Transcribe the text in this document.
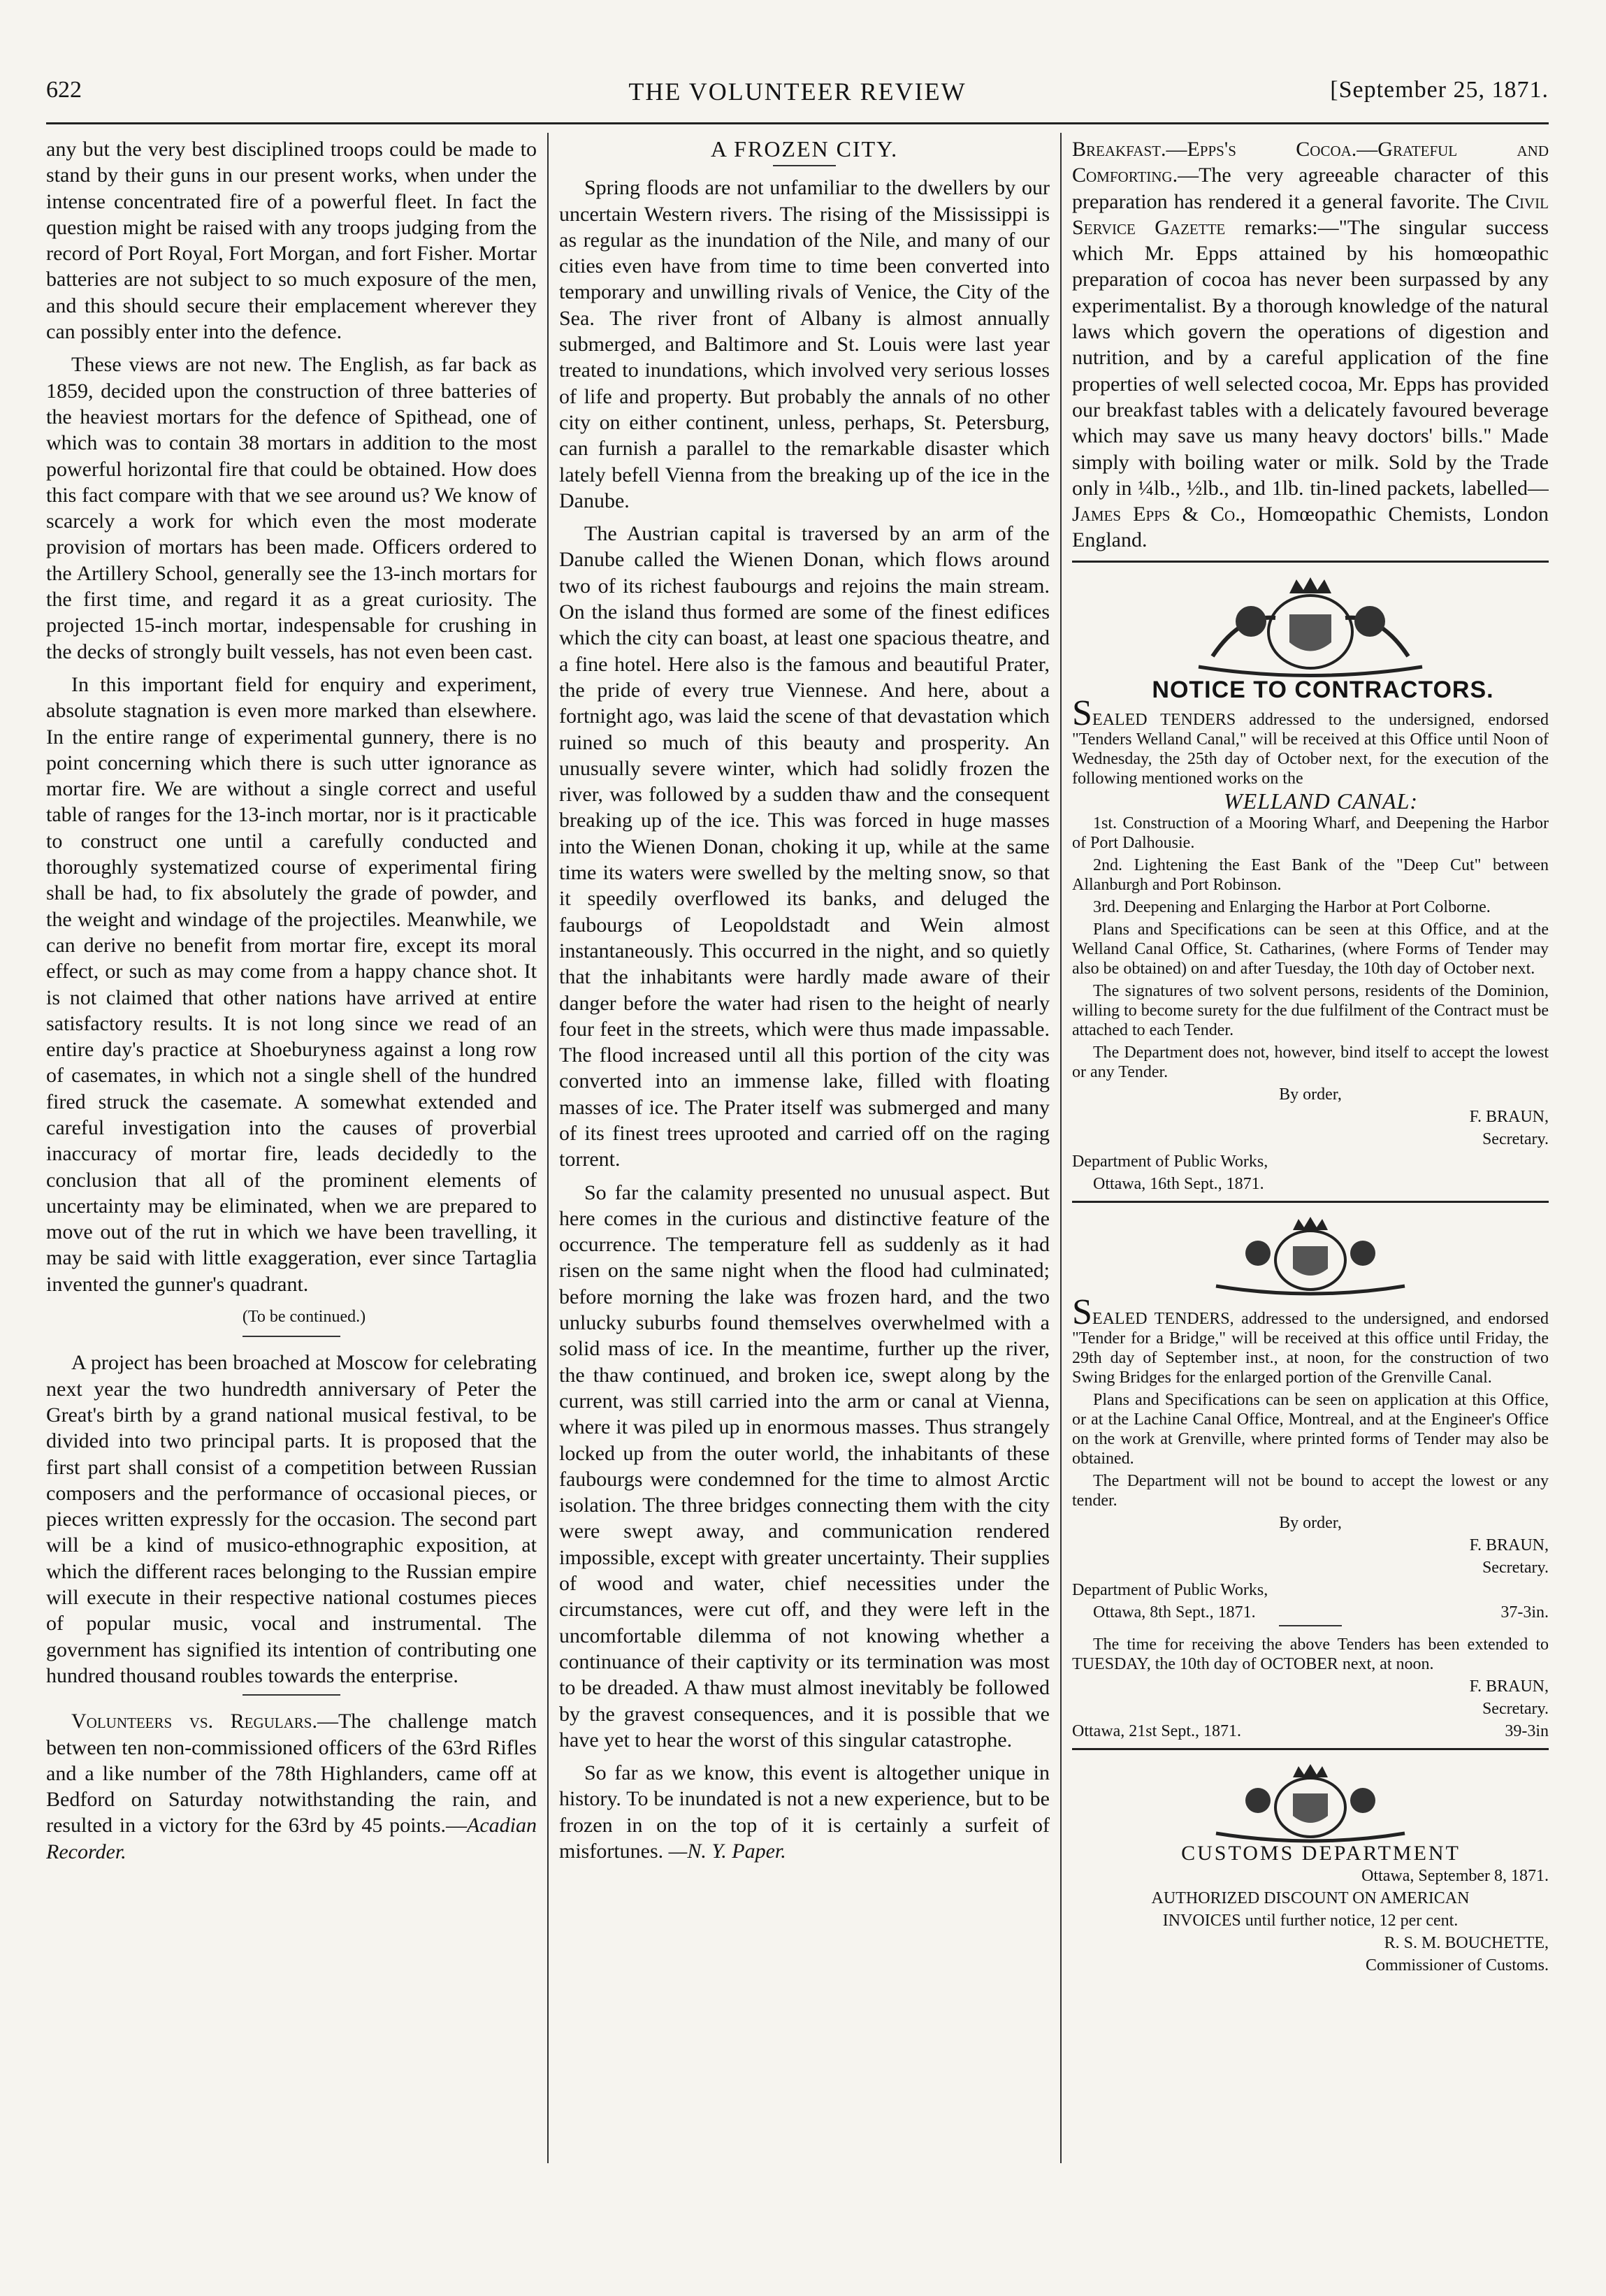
622	THE VOLUNTEER REVIEW	[September 25, 1871.

any but the very best disciplined troops could be made to stand by their guns in our present works, when under the intense concentrated fire of a powerful fleet. In fact the question might be raised with any troops judging from the record of Port Royal, Fort Morgan, and fort Fisher. Mortar batteries are not subject to so much exposure of the men, and this should secure their emplacement wherever they can possibly enter into the defence.

These views are not new. The English, as far back as 1859, decided upon the construction of three batteries of the heaviest mortars for the defence of Spithead, one of which was to contain 38 mortars in addition to the most powerful horizontal fire that could be obtained. How does this fact compare with that we see around us? We know of scarcely a work for which even the most moderate provision of mortars has been made. Officers ordered to the Artillery School, generally see the 13-inch mortars for the first time, and regard it as a great curiosity. The projected 15-inch mortar, indespensable for crushing in the decks of strongly built vessels, has not even been cast.

In this important field for enquiry and experiment, absolute stagnation is even more marked than elsewhere. In the entire range of experimental gunnery, there is no point concerning which there is such utter ignorance as mortar fire. We are without a single correct and useful table of ranges for the 13-inch mortar, nor is it practicable to construct one until a carefully conducted and thoroughly systematized course of experimental firing shall be had, to fix absolutely the grade of powder, and the weight and windage of the projectiles. Meanwhile, we can derive no benefit from mortar fire, except its moral effect, or such as may come from a happy chance shot. It is not claimed that other nations have arrived at entire satisfactory results. It is not long since we read of an entire day's practice at Shoeburyness against a long row of casemates, in which not a single shell of the hundred fired struck the casemate. A somewhat extended and careful investigation into the causes of proverbial inaccuracy of mortar fire, leads decidedly to the conclusion that all of the prominent elements of uncertainty may be eliminated, when we are prepared to move out of the rut in which we have been travelling, it may be said with little exaggeration, ever since Tartaglia invented the gunner's quadrant.

(To be continued.)

A project has been broached at Moscow for celebrating next year the two hundredth anniversary of Peter the Great's birth by a grand national musical festival, to be divided into two principal parts. It is proposed that the first part shall consist of a competition between Russian composers and the performance of occasional pieces, or pieces written expressly for the occasion. The second part will be a kind of musico-ethnographic exposition, at which the different races belonging to the Russian empire will execute in their respective national costumes pieces of popular music, vocal and instrumental. The government has signified its intention of contributing one hundred thousand roubles towards the enterprise.

Volunteers vs. Regulars.—The challenge match between ten non-commissioned officers of the 63rd Rifles and a like number of the 78th Highlanders, came off at Bedford on Saturday notwithstanding the rain, and resulted in a victory for the 63rd by 45 points.—Acadian Recorder.

A FROZEN CITY.

Spring floods are not unfamiliar to the dwellers by our uncertain Western rivers. The rising of the Mississippi is as regular as the inundation of the Nile, and many of our cities even have from time to time been converted into temporary and unwilling rivals of Venice, the City of the Sea. The river front of Albany is almost annually submerged, and Baltimore and St. Louis were last year treated to inundations, which involved very serious losses of life and property. But probably the annals of no other city on either continent, unless, perhaps, St. Petersburg, can furnish a parallel to the remarkable disaster which lately befell Vienna from the breaking up of the ice in the Danube.

The Austrian capital is traversed by an arm of the Danube called the Wienen Donan, which flows around two of its richest faubourgs and rejoins the main stream. On the island thus formed are some of the finest edifices which the city can boast, at least one spacious theatre, and a fine hotel. Here also is the famous and beautiful Prater, the pride of every true Viennese. And here, about a fortnight ago, was laid the scene of that devastation which ruined so much of this beauty and prosperity. An unusually severe winter, which had solidly frozen the river, was followed by a sudden thaw and the consequent breaking up of the ice. This was forced in huge masses into the Wienen Donan, choking it up, while at the same time its waters were swelled by the melting snow, so that it speedily overflowed its banks, and deluged the faubourgs of Leopoldstadt and Wein almost instantaneously. This occurred in the night, and so quietly that the inhabitants were hardly made aware of their danger before the water had risen to the height of nearly four feet in the streets, which were thus made impassable. The flood increased until all this portion of the city was converted into an immense lake, filled with floating masses of ice. The Prater itself was submerged and many of its finest trees uprooted and carried off on the raging torrent.

So far the calamity presented no unusual aspect. But here comes in the curious and distinctive feature of the occurrence. The temperature fell as suddenly as it had risen on the same night when the flood had culminated; before morning the lake was frozen hard, and the two unlucky suburbs found themselves overwhelmed with a solid mass of ice. In the meantime, further up the river, the thaw continued, and broken ice, swept along by the current, was still carried into the arm or canal at Vienna, where it was piled up in enormous masses. Thus strangely locked up from the outer world, the inhabitants of these faubourgs were condemned for the time to almost Arctic isolation. The three bridges connecting them with the city were swept away, and communication rendered impossible, except with greater uncertainty. Their supplies of wood and water, chief necessities under the circumstances, were cut off, and they were left in the uncomfortable dilemma of not knowing whether a continuance of their captivity or its termination was most to be dreaded. A thaw must almost inevitably be followed by the gravest consequences, and it is possible that we have yet to hear the worst of this singular catastrophe.

So far as we know, this event is altogether unique in history. To be inundated is not a new experience, but to be frozen in on the top of it is certainly a surfeit of misfortunes. —N. Y. Paper.

Breakfast.—Epps's Cocoa.—Grateful and Comforting.—The very agreeable character of this preparation has rendered it a general favorite. The Civil Service Gazette remarks:—"The singular success which Mr. Epps attained by his homœopathic preparation of cocoa has never been surpassed by any experimentalist. By a thorough knowledge of the natural laws which govern the operations of digestion and nutrition, and by a careful application of the fine properties of well selected cocoa, Mr. Epps has provided our breakfast tables with a delicately favoured beverage which may save us many heavy doctors' bills." Made simply with boiling water or milk. Sold by the Trade only in ¼lb., ½lb., and 1lb. tin-lined packets, labelled—James Epps & Co., Homœopathic Chemists, London England.

NOTICE TO CONTRACTORS.

SEALED TENDERS addressed to the undersigned, endorsed "Tenders Welland Canal," will be received at this Office until Noon of Wednesday, the 25th day of October next, for the execution of the following mentioned works on the

WELLAND CANAL:

1st. Construction of a Mooring Wharf, and Deepening the Harbor of Port Dalhousie.

2nd. Lightening the East Bank of the "Deep Cut" between Allanburgh and Port Robinson.

3rd. Deepening and Enlarging the Harbor at Port Colborne.

Plans and Specifications can be seen at this Office, and at the Welland Canal Office, St. Catharines, (where Forms of Tender may also be obtained) on and after Tuesday, the 10th day of October next.

The signatures of two solvent persons, residents of the Dominion, willing to become surety for the due fulfilment of the Contract must be attached to each Tender.

The Department does not, however, bind itself to accept the lowest or any Tender.

By order,

F. BRAUN,

Secretary.

Department of Public Works,

Ottawa, 16th Sept., 1871.

SEALED TENDERS, addressed to the undersigned, and endorsed "Tender for a Bridge," will be received at this office until Friday, the 29th day of September inst., at noon, for the construction of two Swing Bridges for the enlarged portion of the Grenville Canal.

Plans and Specifications can be seen on application at this Office, or at the Lachine Canal Office, Montreal, and at the Engineer's Office on the work at Grenville, where printed forms of Tender may also be obtained.

The Department will not be bound to accept the lowest or any tender.

By order,

F. BRAUN,

Secretary.

Department of Public Works,

Ottawa, 8th Sept., 1871.	37-3in.

The time for receiving the above Tenders has been extended to TUESDAY, the 10th day of OCTOBER next, at noon.

F. BRAUN,

Secretary.

Ottawa, 21st Sept., 1871.	39-3in

CUSTOMS DEPARTMENT

Ottawa, September 8, 1871.

AUTHORIZED DISCOUNT ON AMERICAN

INVOICES until further notice, 12 per cent.

R. S. M. BOUCHETTE,

Commissioner of Customs.
